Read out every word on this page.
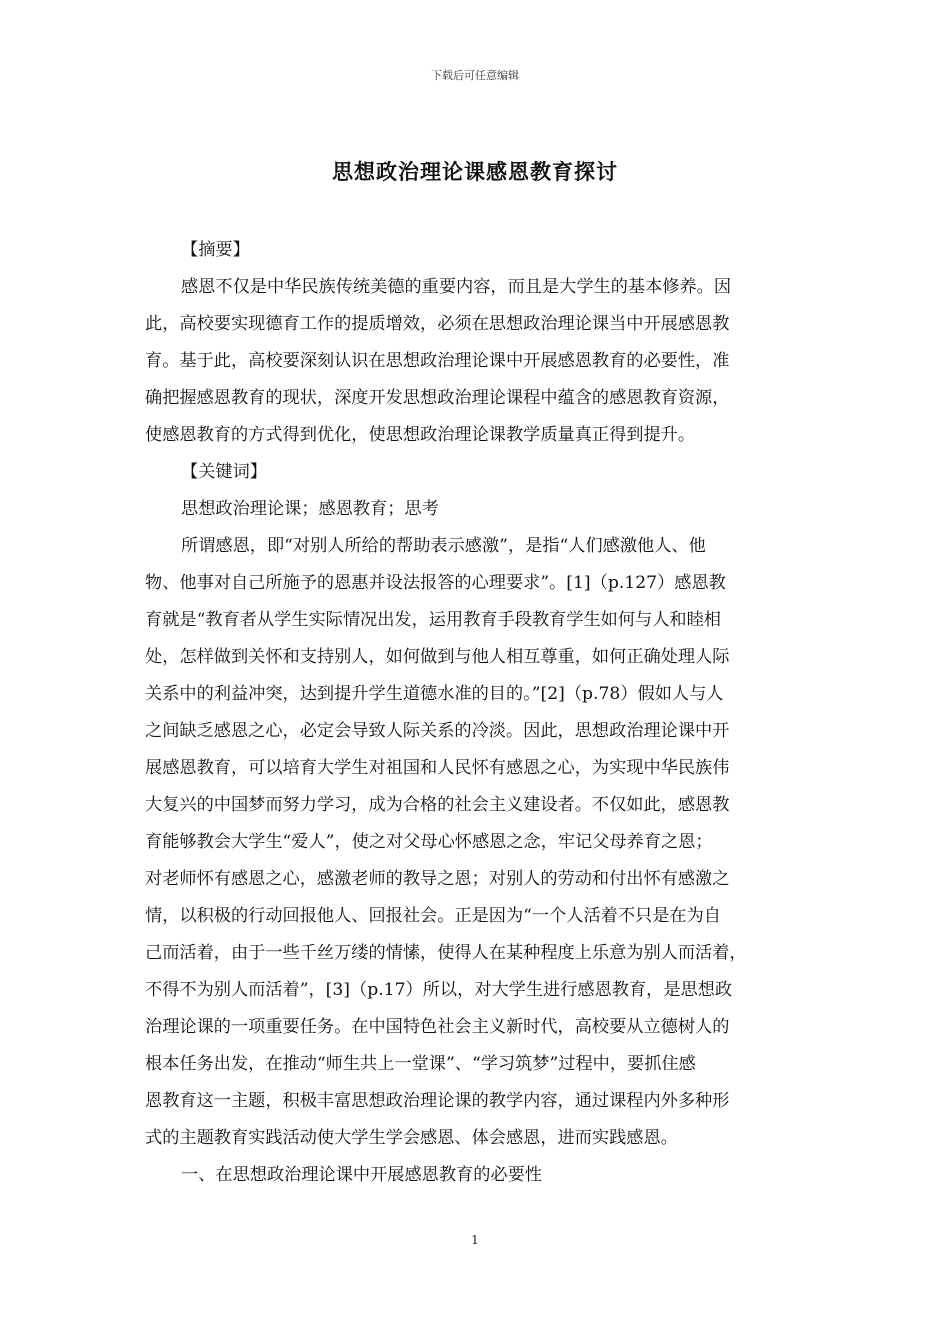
下载后可任意编辑
思想政治理论课感恩教育探讨
【摘要】
感恩不仅是中华民族传统美德的重要内容，而且是大学生的基本修养。因
此，高校要实现德育工作的提质增效，必须在思想政治理论课当中开展感恩教
育。基于此，高校要深刻认识在思想政治理论课中开展感恩教育的必要性，准
确把握感恩教育的现状，深度开发思想政治理论课程中蕴含的感恩教育资源，
使感恩教育的方式得到优化，使思想政治理论课教学质量真正得到提升。
【关键词】
思想政治理论课；感恩教育；思考
所谓感恩，即“对别人所给的帮助表示感激”，是指“人们感激他人、他
物、他事对自己所施予的恩惠并设法报答的心理要求”。[1]（p.127）感恩教
育就是“教育者从学生实际情况出发，运用教育手段教育学生如何与人和睦相
处，怎样做到关怀和支持别人，如何做到与他人相互尊重，如何正确处理人际
关系中的利益冲突，达到提升学生道德水准的目的。”[2]（p.78）假如人与人
之间缺乏感恩之心，必定会导致人际关系的冷淡。因此，思想政治理论课中开
展感恩教育，可以培育大学生对祖国和人民怀有感恩之心，为实现中华民族伟
大复兴的中国梦而努力学习，成为合格的社会主义建设者。不仅如此，感恩教
育能够教会大学生“爱人”，使之对父母心怀感恩之念，牢记父母养育之恩；
对老师怀有感恩之心，感激老师的教导之恩；对别人的劳动和付出怀有感激之
情，以积极的行动回报他人、回报社会。正是因为“一个人活着不只是在为自
己而活着，由于一些千丝万缕的情愫，使得人在某种程度上乐意为别人而活着，
不得不为别人而活着”，[3]（p.17）所以，对大学生进行感恩教育，是思想政
治理论课的一项重要任务。在中国特色社会主义新时代，高校要从立德树人的
根本任务出发，在推动“师生共上一堂课”、“学习筑梦”过程中，要抓住感
恩教育这一主题，积极丰富思想政治理论课的教学内容，通过课程内外多种形
式的主题教育实践活动使大学生学会感恩、体会感恩，进而实践感恩。
一、在思想政治理论课中开展感恩教育的必要性
1
